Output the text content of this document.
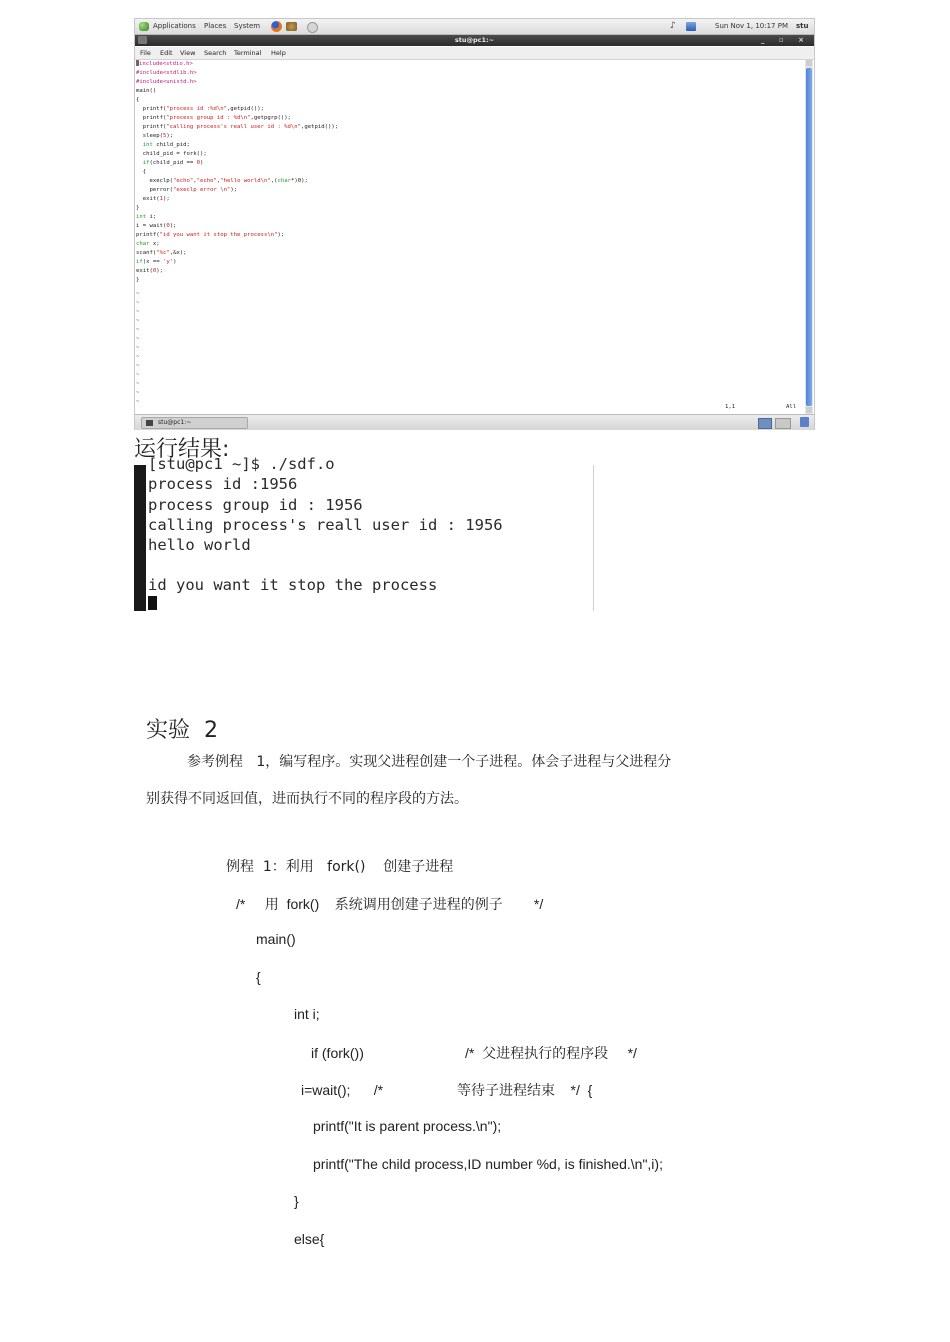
Applications Places System	♪	Sun Nov 1, 10:17 PM stu
stu@pc1:~	_ ▫ ×
File Edit View Search Terminal Help
include<stdio.h>
#include<stdlib.h>
#include<unistd.h>
main()
{
printf("process id :%d\n",getpid());
printf("process group id : %d\n",getpgrp());
printf("calling process's reall user id : %d\n",getpid());
sleep(5);
int child_pid;
child_pid = fork();
if(child_pid == 0)
{
execlp("echo","echo","hello world\n",(char*)0);
perror("execlp error \n");
exit(1);
}
int i;
i = wait(0);
printf("id you want it stop the process\n");
char x;
scanf("%c",&x);
if(x == 'y')
exit(0);
}
~
~
~
~
~
~
~
~
~
~
~
~
~
1,1	All
stu@pc1:~
运行结果:
[stu@pc1 ~]$ ./sdf.o
process id :1956
process group id : 1956
calling process's reall user id : 1956
hello world
id you want it stop the process
实验  2
参考例程   1，编写程序。实现父进程创建一个子进程。体会子进程与父进程分
别获得不同返回值，进而执行不同的程序段的方法。
例程  1：利用   fork()    创建子进程
/*     用  fork()    系统调用创建子进程的例子        */
main()
{
int i;
if (fork())                          /*  父进程执行的程序段     */
i=wait();      /*                   等待子进程结束    */  {
printf("It is parent process.\n");
printf("The child process,ID number %d, is finished.\n",i);
}
else{
